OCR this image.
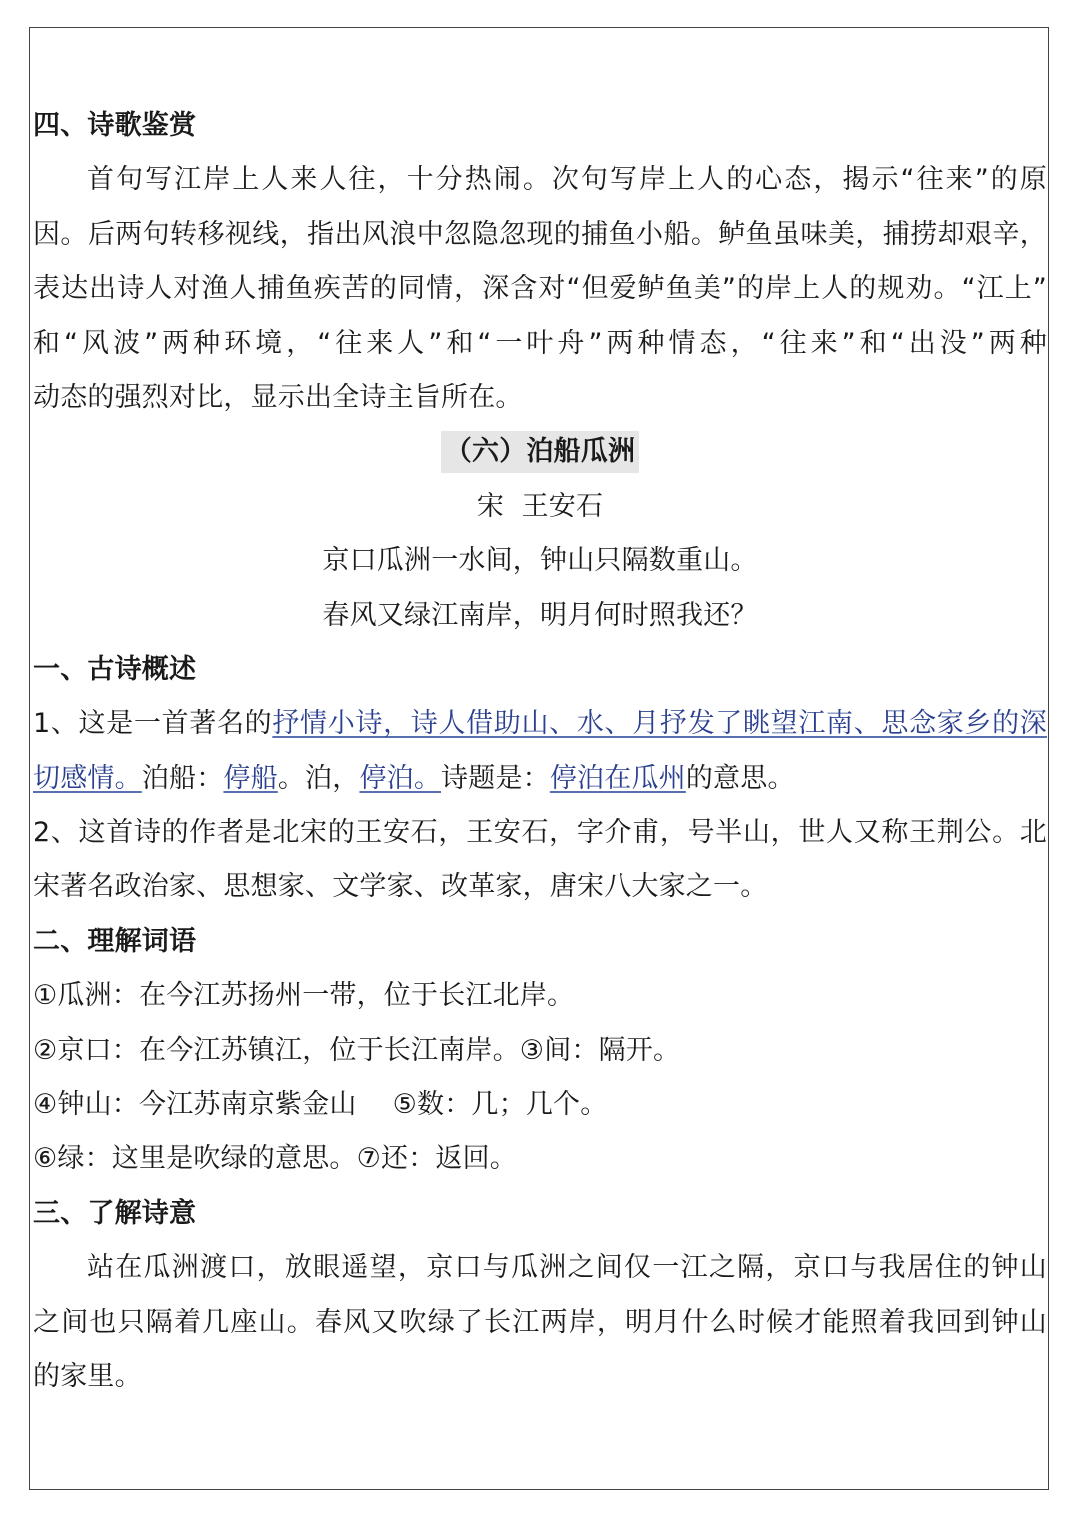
四、诗歌鉴赏
首句写江岸上人来人往，十分热闹。次句写岸上人的心态，揭示“往来”的原
因。后两句转移视线，指出风浪中忽隐忽现的捕鱼小船。鲈鱼虽味美，捕捞却艰辛，
表达出诗人对渔人捕鱼疾苦的同情，深含对“但爱鲈鱼美”的岸上人的规劝。“江上”
和“风波”两种环境，“往来人”和“一叶舟”两种情态，“往来”和“出没”两种
动态的强烈对比，显示出全诗主旨所在。
（六）泊船瓜洲
宋  王安石
京口瓜洲一水间，钟山只隔数重山。
春风又绿江南岸，明月何时照我还？
一、古诗概述
1、这是一首著名的抒情小诗，诗人借助山、水、月抒发了眺望江南、思念家乡的深
切感情。泊船：停船。泊，停泊。诗题是：停泊在瓜州的意思。
2、这首诗的作者是北宋的王安石，王安石，字介甫，号半山，世人又称王荆公。北
宋著名政治家、思想家、文学家、改革家，唐宋八大家之一。
二、理解词语
①瓜洲：在今江苏扬州一带，位于长江北岸。
②京口：在今江苏镇江，位于长江南岸。③间：隔开。
④钟山：今江苏南京紫金山 ⑤数：几；几个。
⑥绿：这里是吹绿的意思。⑦还：返回。
三、了解诗意
站在瓜洲渡口，放眼遥望，京口与瓜洲之间仅一江之隔，京口与我居住的钟山
之间也只隔着几座山。春风又吹绿了长江两岸，明月什么时候才能照着我回到钟山
的家里。
